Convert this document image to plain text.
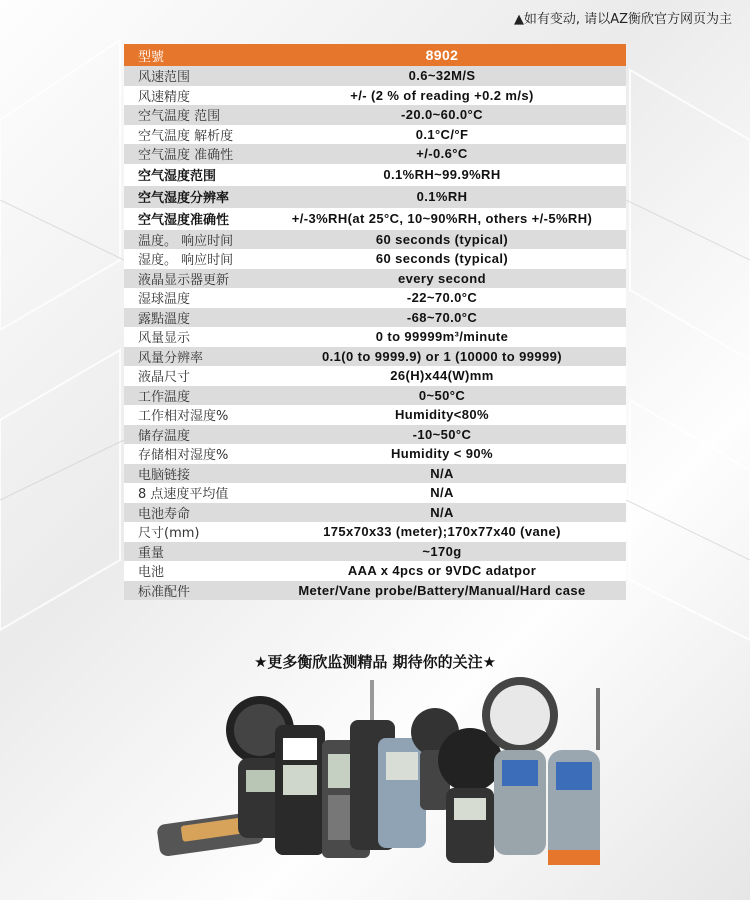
▲如有变动, 请以AZ衡欣官方网页为主
型號	8902
风速范围	0.6~32M/S
风速精度	+/- (2 % of reading +0.2 m/s)
空气温度 范围	-20.0~60.0°C
空气温度 解析度	0.1°C/°F
空气温度 准确性	+/-0.6°C
空气湿度范围	0.1%RH~99.9%RH
空气湿度分辨率	0.1%RH
空气湿度准确性	+/-3%RH(at 25°C, 10~90%RH, others +/-5%RH)
温度。 响应时间	60 seconds (typical)
湿度。 响应时间	60 seconds (typical)
液晶显示器更新	every second
湿球温度	-22~70.0°C
露點溫度	-68~70.0°C
风量显示	0 to 99999m³/minute
风量分辨率	0.1(0 to 9999.9) or 1 (10000 to 99999)
液晶尺寸	26(H)x44(W)mm
工作温度	0~50°C
工作相对湿度%	Humidity<80%
储存温度	-10~50°C
存储相对湿度%	Humidity < 90%
电脑链接	N/A
8 点速度平均值	N/A
电池寿命	N/A
尺寸(mm)	175x70x33 (meter);170x77x40 (vane)
重量	~170g
电池	AAA x 4pcs or 9VDC adatpor
标准配件	Meter/Vane probe/Battery/Manual/Hard case
★更多衡欣监测精品 期待你的关注★
